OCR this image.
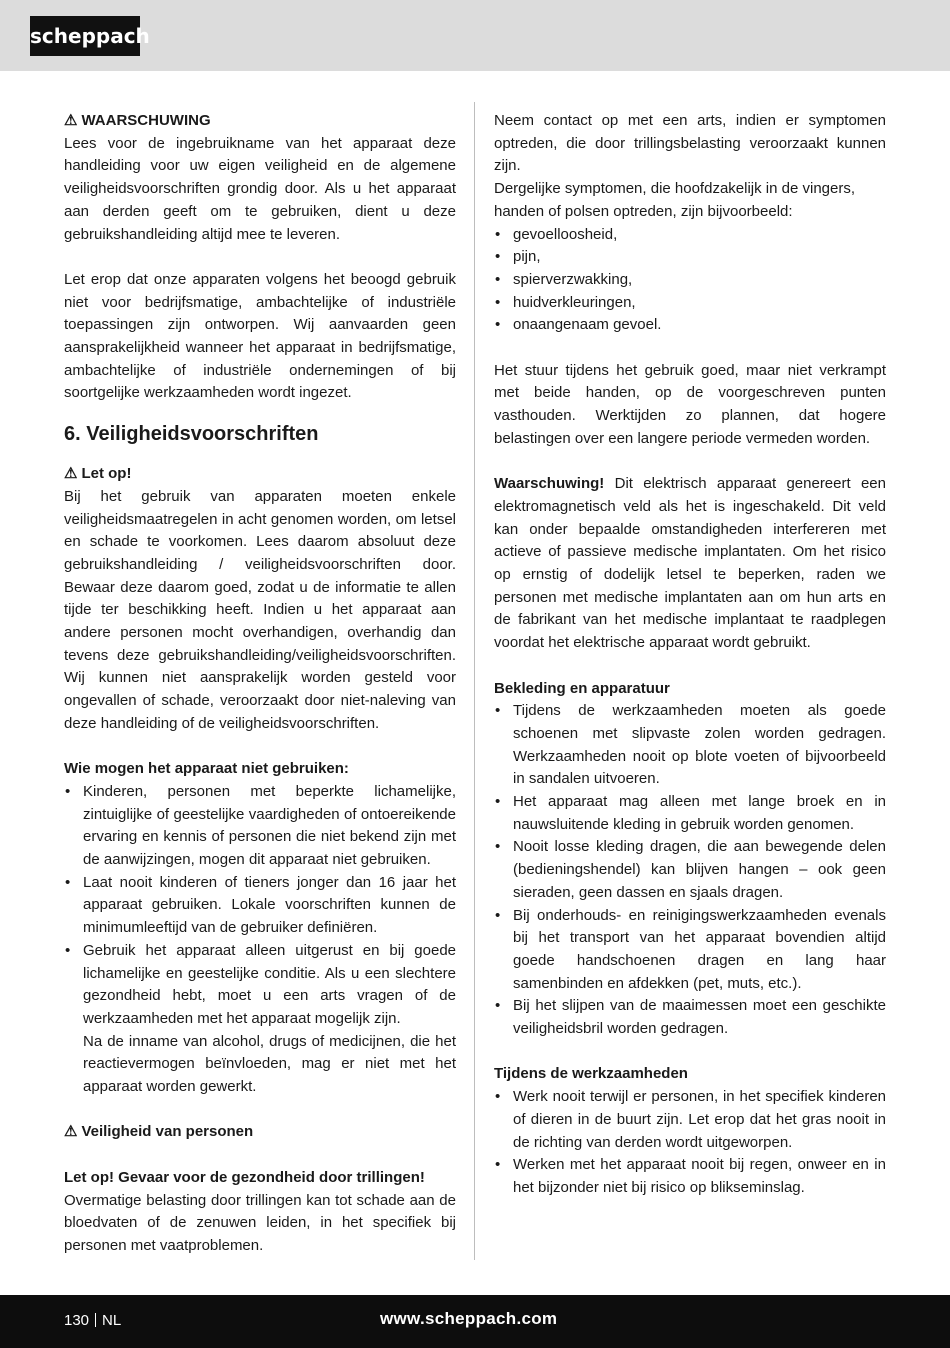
scheppach

⚠ WAARSCHUWING

Lees voor de ingebruikname van het apparaat deze handleiding voor uw eigen veiligheid en de algemene veiligheidsvoorschriften grondig door. Als u het apparaat aan derden geeft om te gebruiken, dient u deze gebruikshandleiding altijd mee te leveren.

Let erop dat onze apparaten volgens het beoogd gebruik niet voor bedrijfsmatige, ambachtelijke of industriële toepassingen zijn ontworpen. Wij aanvaarden geen aansprakelijkheid wanneer het apparaat in bedrijfsmatige, ambachtelijke of industriële ondernemingen of bij soortgelijke werkzaamheden wordt ingezet.

6. Veiligheidsvoorschriften

⚠ Let op!

Bij het gebruik van apparaten moeten enkele veiligheidsmaatregelen in acht genomen worden, om letsel en schade te voorkomen. Lees daarom absoluut deze gebruikshandleiding / veiligheidsvoorschriften door. Bewaar deze daarom goed, zodat u de informatie te allen tijde ter beschikking heeft. Indien u het apparaat aan andere personen mocht overhandigen, overhandig dan tevens deze gebruikshandleiding/veiligheidsvoorschriften. Wij kunnen niet aansprakelijk worden gesteld voor ongevallen of schade, veroorzaakt door niet-naleving van deze handleiding of de veiligheidsvoorschriften.

Wie mogen het apparaat niet gebruiken:

• Kinderen, personen met beperkte lichamelijke, zintuiglijke of geestelijke vaardigheden of ontoereikende ervaring en kennis of personen die niet bekend zijn met de aanwijzingen, mogen dit apparaat niet gebruiken.
• Laat nooit kinderen of tieners jonger dan 16 jaar het apparaat gebruiken. Lokale voorschriften kunnen de minimumleeftijd van de gebruiker definiëren.
• Gebruik het apparaat alleen uitgerust en bij goede lichamelijke en geestelijke conditie. Als u een slechtere gezondheid hebt, moet u een arts vragen of de werkzaamheden met het apparaat mogelijk zijn.
Na de inname van alcohol, drugs of medicijnen, die het reactievermogen beïnvloeden, mag er niet met het apparaat worden gewerkt.

⚠ Veiligheid van personen

Let op! Gevaar voor de gezondheid door trillingen!

Overmatige belasting door trillingen kan tot schade aan de bloedvaten of de zenuwen leiden, in het specifiek bij personen met vaatproblemen.

Neem contact op met een arts, indien er symptomen optreden, die door trillingsbelasting veroorzaakt kunnen zijn.

Dergelijke symptomen, die hoofdzakelijk in de vingers, handen of polsen optreden, zijn bijvoorbeeld:

• gevoelloosheid,
• pijn,
• spierverzwakking,
• huidverkleuringen,
• onaangenaam gevoel.

Het stuur tijdens het gebruik goed, maar niet verkrampt met beide handen, op de voorgeschreven punten vasthouden. Werktijden zo plannen, dat hogere belastingen over een langere periode vermeden worden.

Waarschuwing! Dit elektrisch apparaat genereert een elektromagnetisch veld als het is ingeschakeld. Dit veld kan onder bepaalde omstandigheden interfereren met actieve of passieve medische implantaten. Om het risico op ernstig of dodelijk letsel te beperken, raden we personen met medische implantaten aan om hun arts en de fabrikant van het medische implantaat te raadplegen voordat het elektrische apparaat wordt gebruikt.

Bekleding en apparatuur

• Tijdens de werkzaamheden moeten als goede schoenen met slipvaste zolen worden gedragen. Werkzaamheden nooit op blote voeten of bijvoorbeeld in sandalen uitvoeren.
• Het apparaat mag alleen met lange broek en in nauwsluitende kleding in gebruik worden genomen.
• Nooit losse kleding dragen, die aan bewegende delen (bedieningshendel) kan blijven hangen – ook geen sieraden, geen dassen en sjaals dragen.
• Bij onderhouds- en reinigingswerkzaamheden evenals bij het transport van het apparaat bovendien altijd goede handschoenen dragen en lang haar samenbinden en afdekken (pet, muts, etc.).
• Bij het slijpen van de maaimessen moet een geschikte veiligheidsbril worden gedragen.

Tijdens de werkzaamheden

• Werk nooit terwijl er personen, in het specifiek kinderen of dieren in de buurt zijn. Let erop dat het gras nooit in de richting van derden wordt uitgeworpen.
• Werken met het apparaat nooit bij regen, onweer en in het bijzonder niet bij risico op blikseminslag.
130 NL	www.scheppach.com
